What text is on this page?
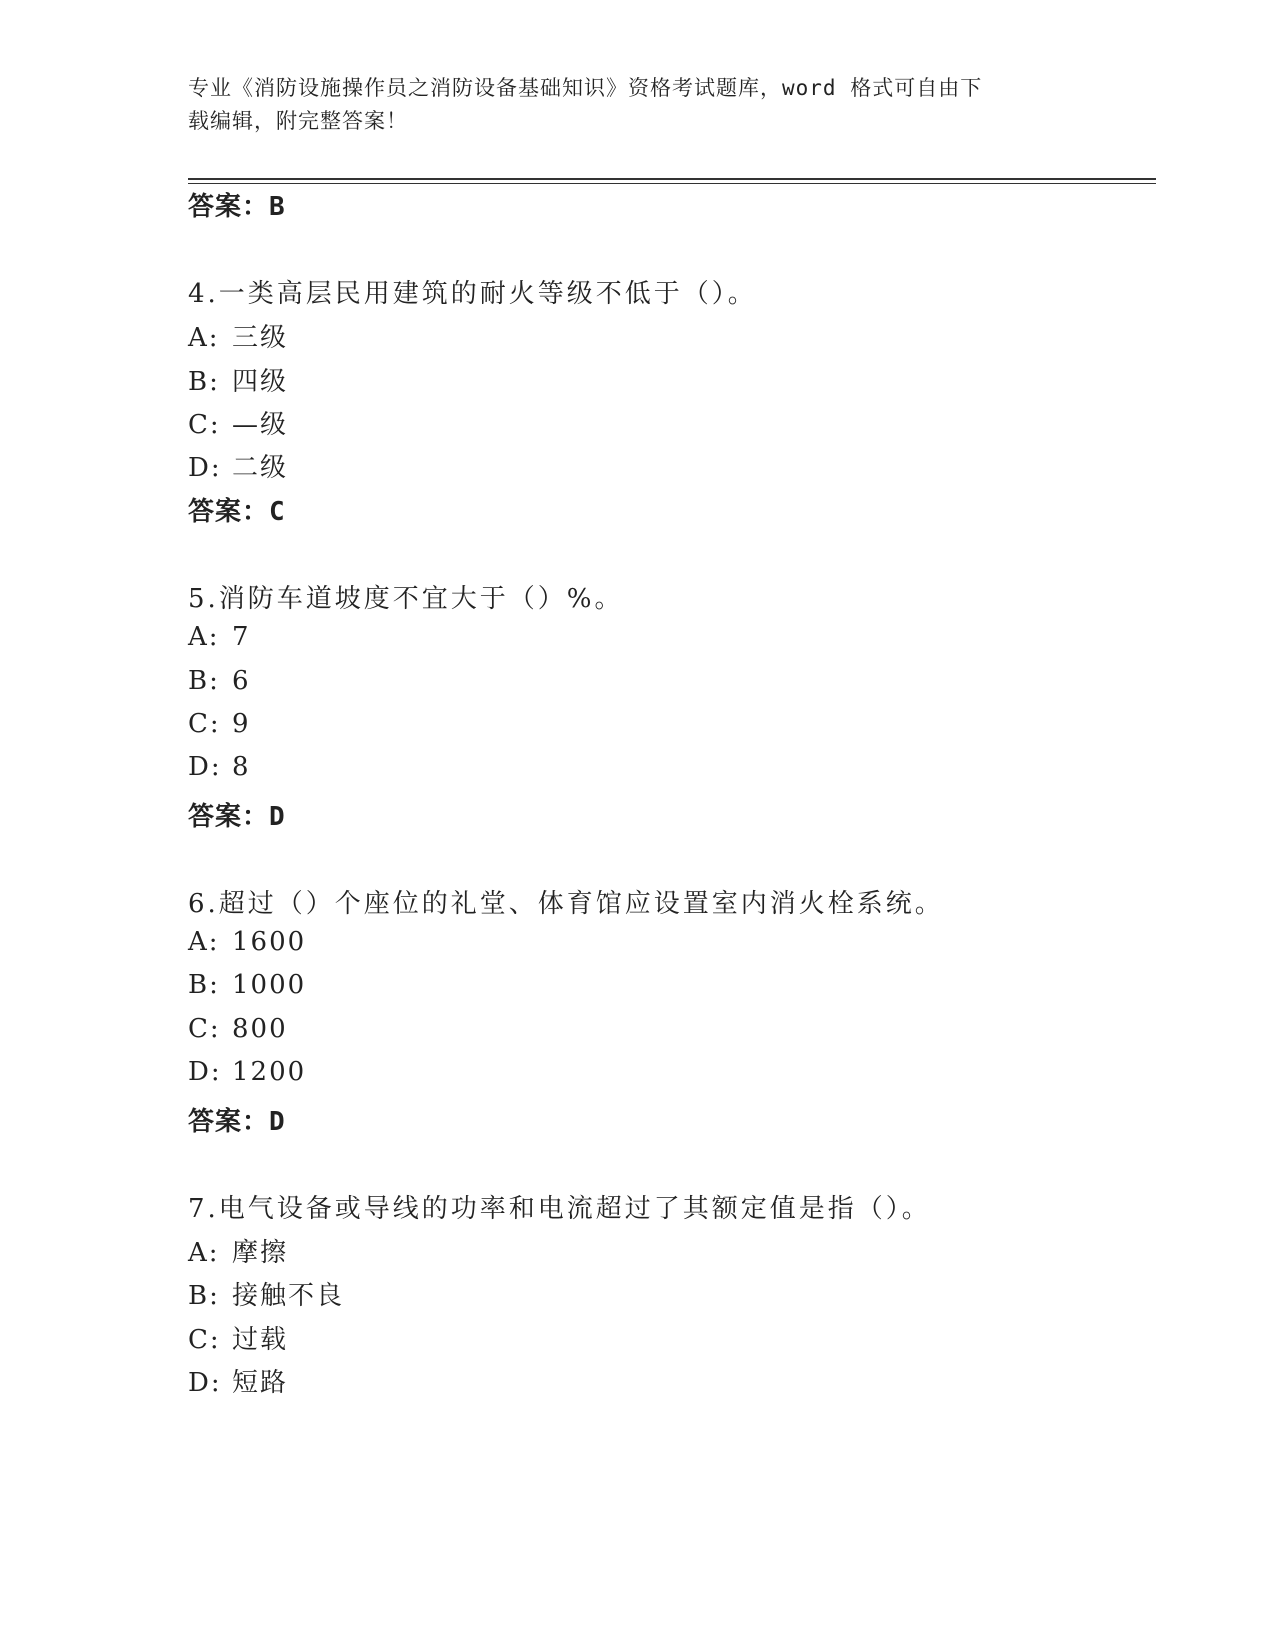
专业《消防设施操作员之消防设备基础知识》资格考试题库，word 格式可自由下
载编辑，附完整答案！
答案：B
4.一类高层民用建筑的耐火等级不低于（）。
A: 三级
B: 四级
C: —级
D: 二级
答案：C
5.消防车道坡度不宜大于（）%。
A: 7
B: 6
C: 9
D: 8
答案：D
6.超过（）个座位的礼堂、体育馆应设置室内消火栓系统。
A: 1600
B: 1000
C: 800
D: 1200
答案：D
7.电气设备或导线的功率和电流超过了其额定值是指（）。
A: 摩擦
B: 接触不良
C: 过载
D: 短路
